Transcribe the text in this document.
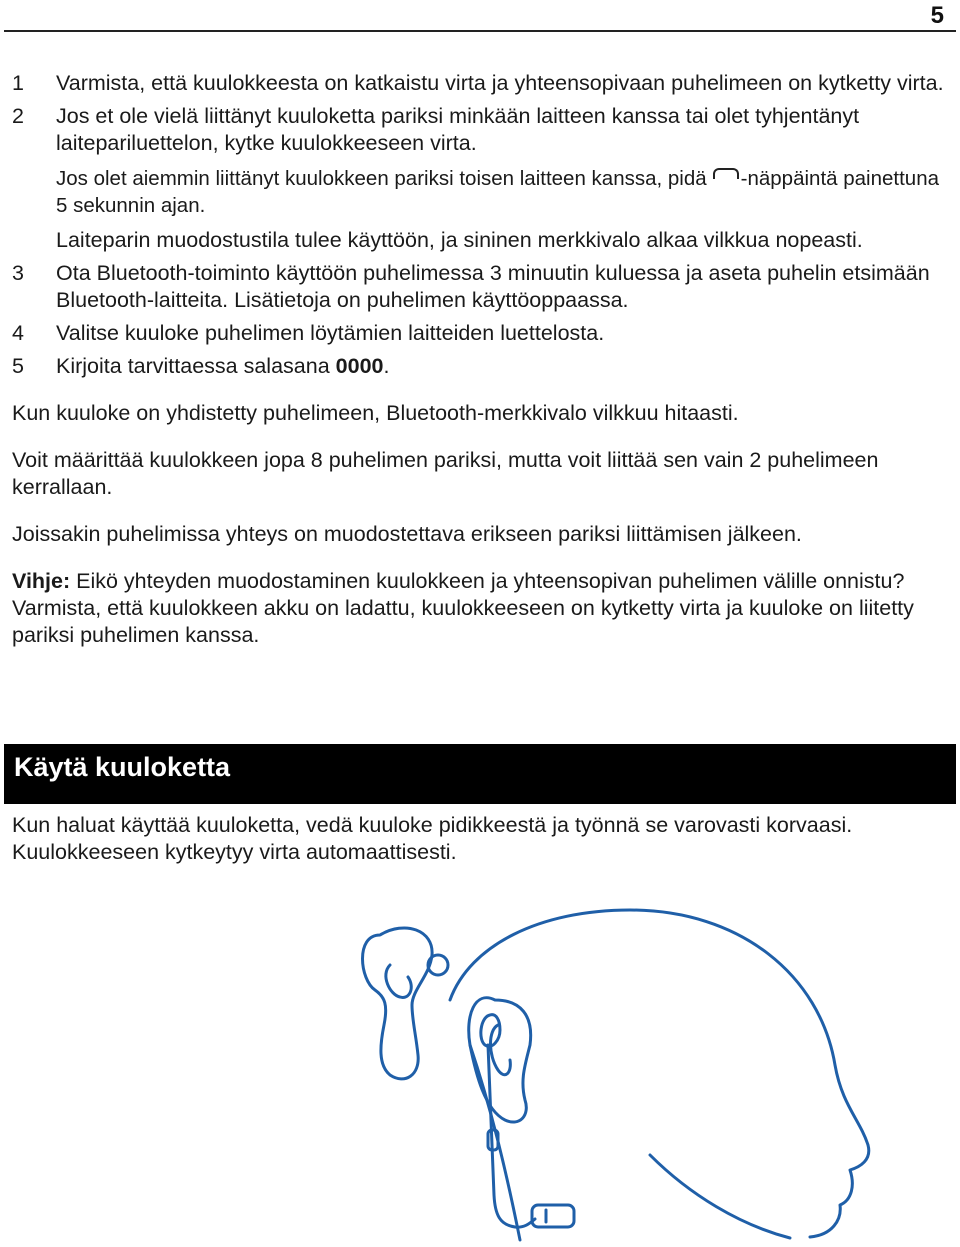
5
1	Varmista, että kuulokkeesta on katkaistu virta ja yhteensopivaan puhelimeen on kytketty virta.

2	Jos et ole vielä liittänyt kuuloketta pariksi minkään laitteen kanssa tai olet tyhjentänyt laitepariluettelon, kytke kuulokkeeseen virta.

Jos olet aiemmin liittänyt kuulokkeen pariksi toisen laitteen kanssa, pidä -näppäintä painettuna 5 sekunnin ajan.

Laiteparin muodostustila tulee käyttöön, ja sininen merkkivalo alkaa vilkkua nopeasti.

3	Ota Bluetooth-toiminto käyttöön puhelimessa 3 minuutin kuluessa ja aseta puhelin etsimään Bluetooth-laitteita. Lisätietoja on puhelimen käyttöoppaassa.

4	Valitse kuuloke puhelimen löytämien laitteiden luettelosta.

5	Kirjoita tarvittaessa salasana 0000.

Kun kuuloke on yhdistetty puhelimeen, Bluetooth-merkkivalo vilkkuu hitaasti.

Voit määrittää kuulokkeen jopa 8 puhelimen pariksi, mutta voit liittää sen vain 2 puhelimeen kerrallaan.

Joissakin puhelimissa yhteys on muodostettava erikseen pariksi liittämisen jälkeen.

Vihje: Eikö yhteyden muodostaminen kuulokkeen ja yhteensopivan puhelimen välille onnistu? Varmista, että kuulokkeen akku on ladattu, kuulokkeeseen on kytketty virta ja kuuloke on liitetty pariksi puhelimen kanssa.

Käytä kuuloketta

Kun haluat käyttää kuuloketta, vedä kuuloke pidikkeestä ja työnnä se varovasti korvaasi. Kuulokkeeseen kytkeytyy virta automaattisesti.
